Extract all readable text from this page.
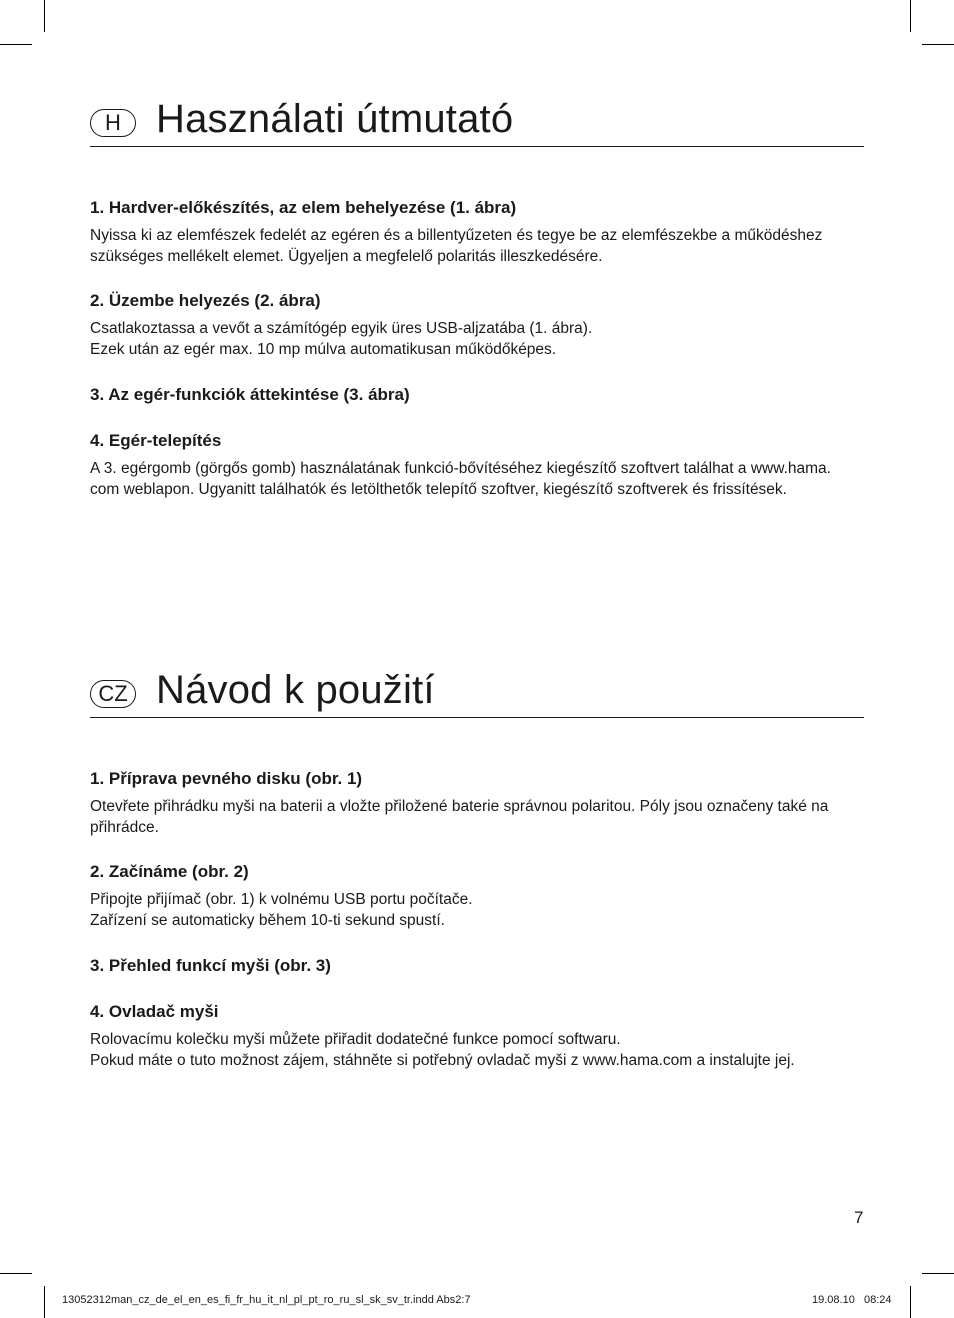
H Használati útmutató
1. Hardver-előkészítés, az elem behelyezése (1. ábra)

Nyissa ki az elemfészek fedelét az egéren és a billentyűzeten és tegye be az elemfészekbe a működéshez

szükséges mellékelt elemet. Ügyeljen a megfelelő polaritás illeszkedésére.

2. Üzembe helyezés (2. ábra)

Csatlakoztassa a vevőt a számítógép egyik üres USB-aljzatába (1. ábra).

Ezek után az egér max. 10 mp múlva automatikusan működőképes.

3. Az egér-funkciók áttekintése (3. ábra)
4. Egér-telepítés

A 3. egérgomb (görgős gomb) használatának funkció-bővítéséhez kiegészítő szoftvert találhat a www.hama.

com weblapon. Ugyanitt találhatók és letölthetők telepítő szoftver, kiegészítő szoftverek és frissítések.

CZ Návod k použití
1. Příprava pevného disku (obr. 1)

Otevřete přihrádku myši na baterii a vložte přiložené baterie správnou polaritou. Póly jsou označeny také na

přihrádce.

2. Začínáme (obr. 2)

Připojte přijímač (obr. 1) k volnému USB portu počítače.

Zařízení se automaticky během 10-ti sekund spustí.

3. Přehled funkcí myši (obr. 3)
4. Ovladač myši

Rolovacímu kolečku myši můžete přiřadit dodatečné funkce pomocí softwaru.

Pokud máte o tuto možnost zájem, stáhněte si potřebný ovladač myši z www.hama.com a instalujte jej.

7
13052312man_cz_de_el_en_es_fi_fr_hu_it_nl_pl_pt_ro_ru_sl_sk_sv_tr.indd Abs2:7	19.08.10   08:24
